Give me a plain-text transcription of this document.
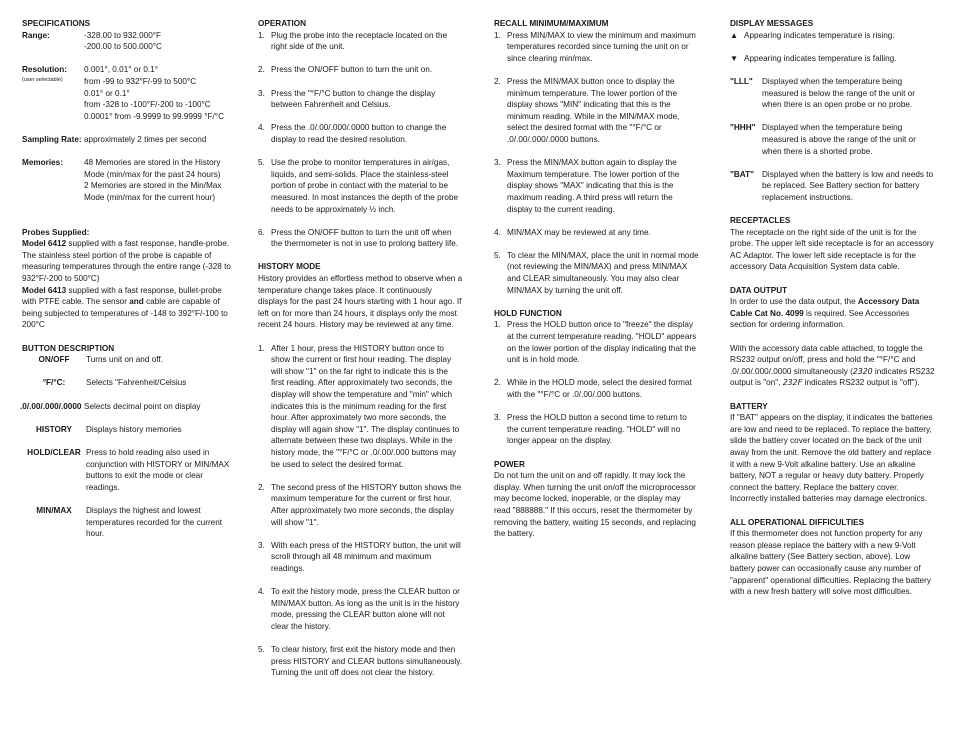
SPECIFICATIONS

Range:	-328.00 to 932.000°F
-200.00 to 500.000°C
Resolution:
(user selectable)
0.001°, 0.01° or 0.1°
from -99 to 932°F/-99 to 500°C
0.01° or 0.1°
from -328 to -100°F/-200 to -100°C
0.0001° from -9.9999 to 99.9999 °F/°C
Sampling Rate: approximately 2 times per second
Memories:	48 Memories are stored in the History Mode (min/max for the past 24 hours)
2 Memories are stored in the Min/Max Mode (min/max for the current hour)

Probes Supplied:

Model 6412 supplied with a fast response, handle-probe. The stainless steel portion of the probe is capable of measuring temperatures through the entire range (-328 to 932°F/-200 to 500°C)

Model 6413 supplied with a fast response, bullet-probe with PTFE cable. The sensor and cable are capable of being subjected to temperatures of -148 to 392°F/-100 to 200°C

BUTTON DESCRIPTION

ON/OFF	Turns unit on and off.
°F/°C:	Selects "Fahrenheit/Celsius
.0/.00/.000/.0000 Selects decimal point on display
HISTORY	Displays history memories
HOLD/CLEAR Press to hold reading also used in conjunction with HISTORY or MIN/MAX buttons to exit the mode or clear readings.
MIN/MAX	Displays the highest and lowest temperatures recorded for the current hour.

OPERATION

1. Plug the probe into the receptacle located on the right side of the unit.
2. Press the ON/OFF button to turn the unit on.
3. Press the "°F/°C button to change the display between Fahrenheit and Celsius.
4. Press the .0/.00/.000/.0000 button to change the display to read the desired resolution.
5. Use the probe to monitor temperatures in air/gas, liquids, and semi-solids. Place the stainless-steel portion of probe in contact with the material to be measured. In most instances the depth of the probe needs to be approximately ½ inch.
6. Press the ON/OFF button to turn the unit off when the thermometer is not in use to prolong battery life.

HISTORY MODE

History provides an effortless method to observe when a temperature change takes place. It continuously displays for the past 24 hours starting with 1 hour ago. If left on for more than 24 hours, it displays only the most recent 24 hours. History may be reviewed at any time.

1. After 1 hour, press the HISTORY button once to show the current or first hour reading. The display will show "1" on the far right to indicate this is the first reading. After approximately two seconds, the display will show the temperature and "min" which indicates this is the minimum reading for the first hour. After approximately two more seconds, the display will again show "1". The display continues to alternate between these two displays. While in the history mode, the "°F/°C or .0/.00/.000 buttons may be used to select the desired format.
2. The second press of the HISTORY button shows the maximum temperature for the current or first hour. After approximately two more seconds, the display will show "1".
3. With each press of the HISTORY button, the unit will scroll through all 48 minimum and maximum readings.
4. To exit the history mode, press the CLEAR button or MIN/MAX button. As long as the unit is in the history mode, pressing the CLEAR button alone will not clear the history.
5. To clear history, first exit the history mode and then press HISTORY and CLEAR buttons simultaneously. Turning the unit off does not clear the history.

RECALL MINIMUM/MAXIMUM

1. Press MIN/MAX to view the minimum and maximum temperatures recorded since turning the unit on or since clearing min/max.
2. Press the MIN/MAX button once to display the minimum temperature. The lower portion of the display shows "MIN" indicating that this is the minimum reading. While in the MIN/MAX mode, select the desired format with the "°F/°C or .0/.00/.000/.0000 buttons.
3. Press the MIN/MAX button again to display the Maximum temperature. The lower portion of the display shows "MAX" indicating that this is the maximum reading. A third press will return the display to the current reading.
4. MIN/MAX may be reviewed at any time.
5. To clear the MIN/MAX, place the unit in normal mode (not reviewing the MIN/MAX) and press MIN/MAX and CLEAR simultaneously. You may also clear MIN/MAX by turning the unit off.

HOLD FUNCTION

1. Press the HOLD button once to "freeze" the display at the current temperature reading. "HOLD" appears on the lower portion of the display indicating that the unit is in hold mode.
2. While in the HOLD mode, select the desired format with the "°F/°C or .0/.00/.000 buttons.
3. Press the HOLD button a second time to return to the current temperature reading. "HOLD" will no longer appear on the display.

POWER

Do not turn the unit on and off rapidly. It may lock the display. When turning the unit on/off the microprocessor may become locked, inoperable, or the display may read "888888." If this occurs, reset the thermometer by removing the battery, waiting 15 seconds, and replacing the battery.

DISPLAY MESSAGES

▲ Appearing indicates temperature is rising.
▼ Appearing indicates temperature is falling.
"LLL"	Displayed when the temperature being measured is below the range of the unit or when there is an open probe or no probe.
"HHH" Displayed when the temperature being measured is above the range of the unit or when there is a shorted probe.
"BAT" Displayed when the battery is low and needs to be replaced. See Battery section for battery replacement instructions.

RECEPTACLES

The receptacle on the right side of the unit is for the probe. The upper left side receptacle is for an accessory AC Adaptor. The lower left side receptacle is for the accessory Data Acquisition System data cable.

DATA OUTPUT

In order to use the data output, the Accessory Data Cable Cat No. 4099 is required. See Accessories section for ordering information.

With the accessory data cable attached, to toggle the RS232 output on/off, press and hold the "°F/°C and .0/.00/.000/.0000 simultaneously (232O indicates RS232 output is "on", 232F indicates RS232 output is "off").

BATTERY

If "BAT" appears on the display, it indicates the batteries are low and need to be replaced. To replace the battery, slide the battery cover located on the back of the unit away from the unit. Remove the old battery and replace it with a new 9-Volt alkaline battery. Use an alkaline battery, NOT a regular or heavy duty battery. Properly connect the battery. Replace the battery cover. Incorrectly installed batteries may damage electronics.

ALL OPERATIONAL DIFFICULTIES

If this thermometer does not function property for any reason please replace the battery with a new 9-Volt alkaline battery (See Battery section, above). Low battery power can occasionally cause any number of "apparent" operational difficulties. Replacing the battery with a new fresh battery will solve most difficulties.
